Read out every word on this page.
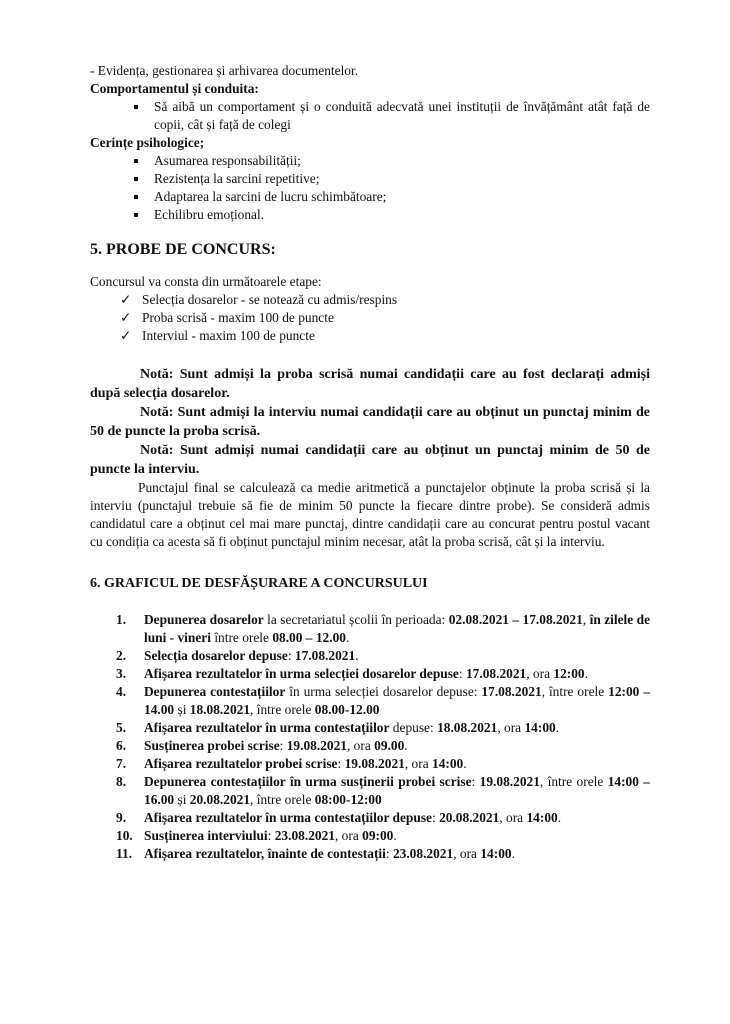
- Evidența, gestionarea și arhivarea documentelor.

Comportamentul și conduita:

Să aibă un comportament și o conduită adecvată unei instituții de învățământ atât față de copii, cât și față de colegi

Cerințe psihologice;

Asumarea responsabilității;
Rezistența la sarcini repetitive;
Adaptarea la sarcini de lucru schimbătoare;
Echilibru emoțional.
5. PROBE DE CONCURS:

Concursul va consta din următoarele etape:

✓ Selecția dosarelor - se notează cu admis/respins
✓ Proba scrisă - maxim 100 de puncte
✓ Interviul - maxim 100 de puncte

Notă: Sunt admiși la proba scrisă numai candidații care au fost declarați admiși după selecția dosarelor.

Notă: Sunt admiși la interviu numai candidații care au obținut un punctaj minim de 50 de puncte la proba scrisă.

Notă: Sunt admiși numai candidații care au obținut un punctaj minim de 50 de puncte la interviu.

Punctajul final se calculează ca medie aritmetică a punctajelor obținute la proba scrisă și la interviu (punctajul trebuie să fie de minim 50 puncte la fiecare dintre probe). Se consideră admis candidatul care a obținut cel mai mare punctaj, dintre candidații care au concurat pentru postul vacant cu condiția ca acesta să fi obținut punctajul minim necesar, atât la proba scrisă, cât și la interviu.

6. GRAFICUL DE DESFĂȘURARE A CONCURSULUI
1. Depunerea dosarelor la secretariatul școlii în perioada: 02.08.2021 – 17.08.2021, în zilele de luni - vineri între orele 08.00 – 12.00.
2. Selecția dosarelor depuse: 17.08.2021.
3. Afișarea rezultatelor în urma selecției dosarelor depuse: 17.08.2021, ora 12:00.
4. Depunerea contestațiilor în urma selecției dosarelor depuse: 17.08.2021, între orele 12:00 – 14.00 și 18.08.2021, între orele 08.00-12.00
5. Afișarea rezultatelor în urma contestațiilor depuse: 18.08.2021, ora 14:00.
6. Susținerea probei scrise: 19.08.2021, ora 09.00.
7. Afișarea rezultatelor probei scrise: 19.08.2021, ora 14:00.
8. Depunerea contestațiilor în urma susținerii probei scrise: 19.08.2021, între orele 14:00 – 16.00 și 20.08.2021, între orele 08:00-12:00
9. Afișarea rezultatelor în urma contestațiilor depuse: 20.08.2021, ora 14:00.
10. Susținerea interviului: 23.08.2021, ora 09:00.
11. Afișarea rezultatelor, înainte de contestații: 23.08.2021, ora 14:00.
